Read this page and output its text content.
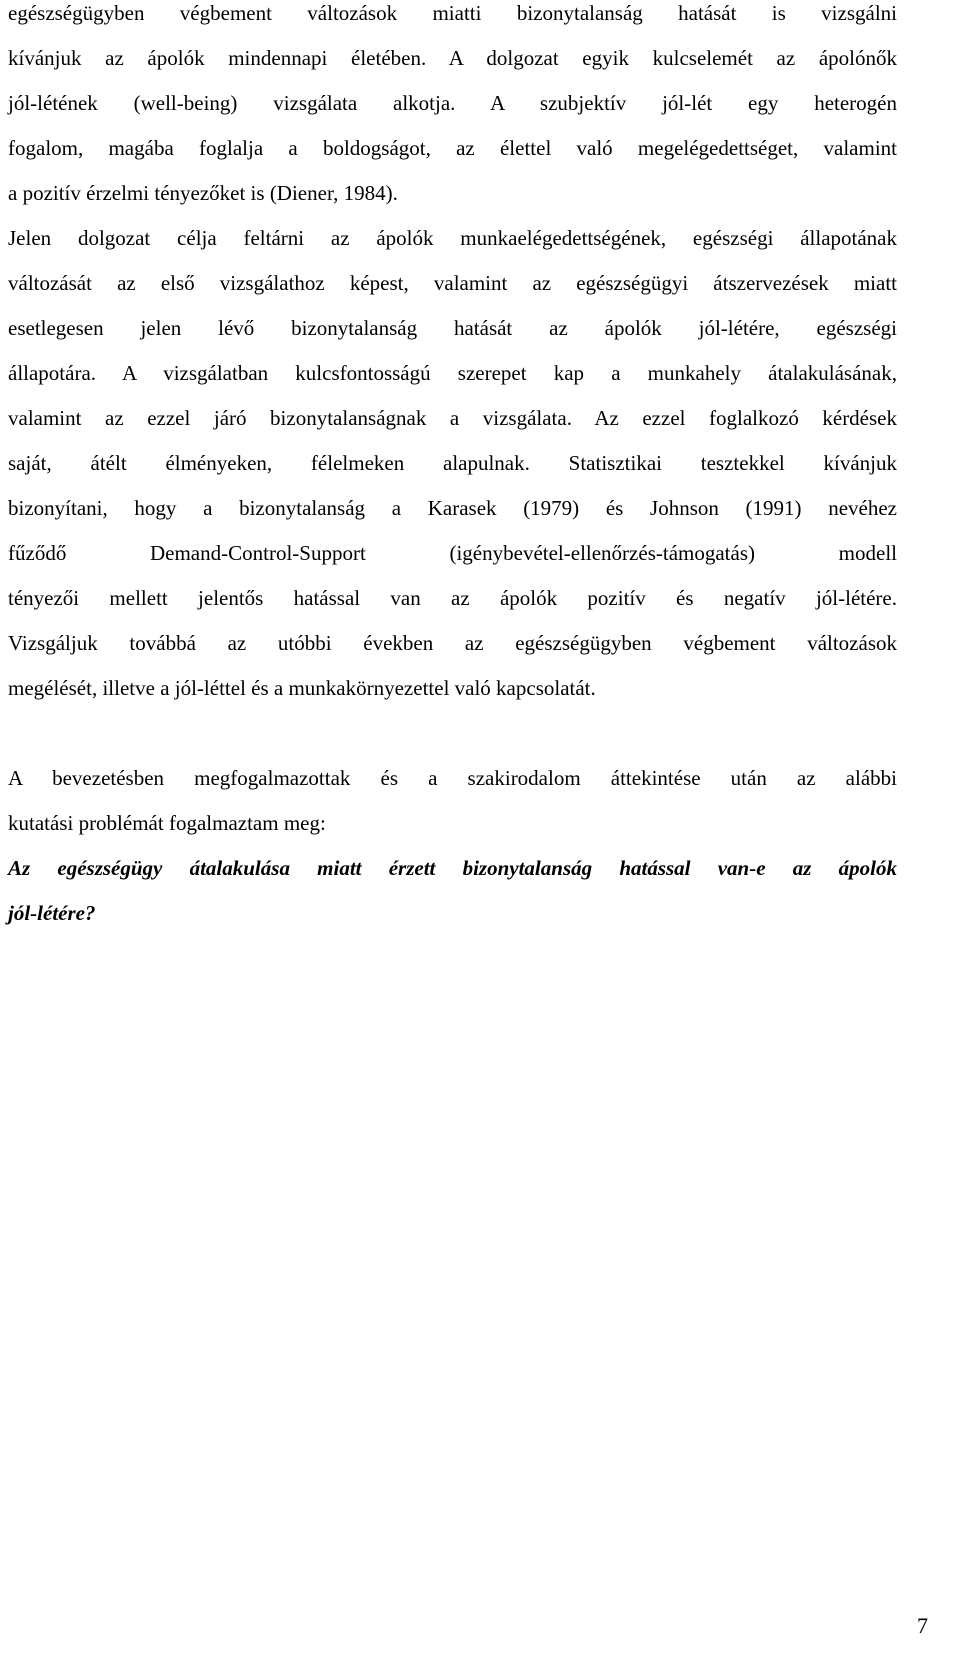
egészségügyben végbement változások miatti bizonytalanság hatását is vizsgálni

kívánjuk az ápolók mindennapi életében. A dolgozat egyik kulcselemét az ápolónők

jól-létének (well-being) vizsgálata alkotja. A szubjektív jól-lét egy heterogén

fogalom, magába foglalja a boldogságot, az élettel való megelégedettséget, valamint

a pozitív érzelmi tényezőket is (Diener, 1984).

Jelen dolgozat célja feltárni az ápolók munkaelégedettségének, egészségi állapotának

változását az első vizsgálathoz képest, valamint az egészségügyi átszervezések miatt

esetlegesen jelen lévő bizonytalanság hatását az ápolók jól-létére, egészségi

állapotára. A vizsgálatban kulcsfontosságú szerepet kap a munkahely átalakulásának,

valamint az ezzel járó bizonytalanságnak a vizsgálata. Az ezzel foglalkozó kérdések

saját, átélt élményeken, félelmeken alapulnak. Statisztikai tesztekkel kívánjuk

bizonyítani, hogy a bizonytalanság a Karasek (1979) és Johnson (1991) nevéhez

fűződő Demand-Control-Support (igénybevétel-ellenőrzés-támogatás) modell

tényezői mellett jelentős hatással van az ápolók pozitív és negatív jól-létére.

Vizsgáljuk továbbá az utóbbi években az egészségügyben végbement változások

megélését, illetve a jól-léttel és a munkakörnyezettel való kapcsolatát.

A bevezetésben megfogalmazottak és a szakirodalom áttekintése után az alábbi

kutatási problémát fogalmaztam meg:

Az egészségügy átalakulása miatt érzett bizonytalanság hatással van-e az ápolók

jól-létére?

7
